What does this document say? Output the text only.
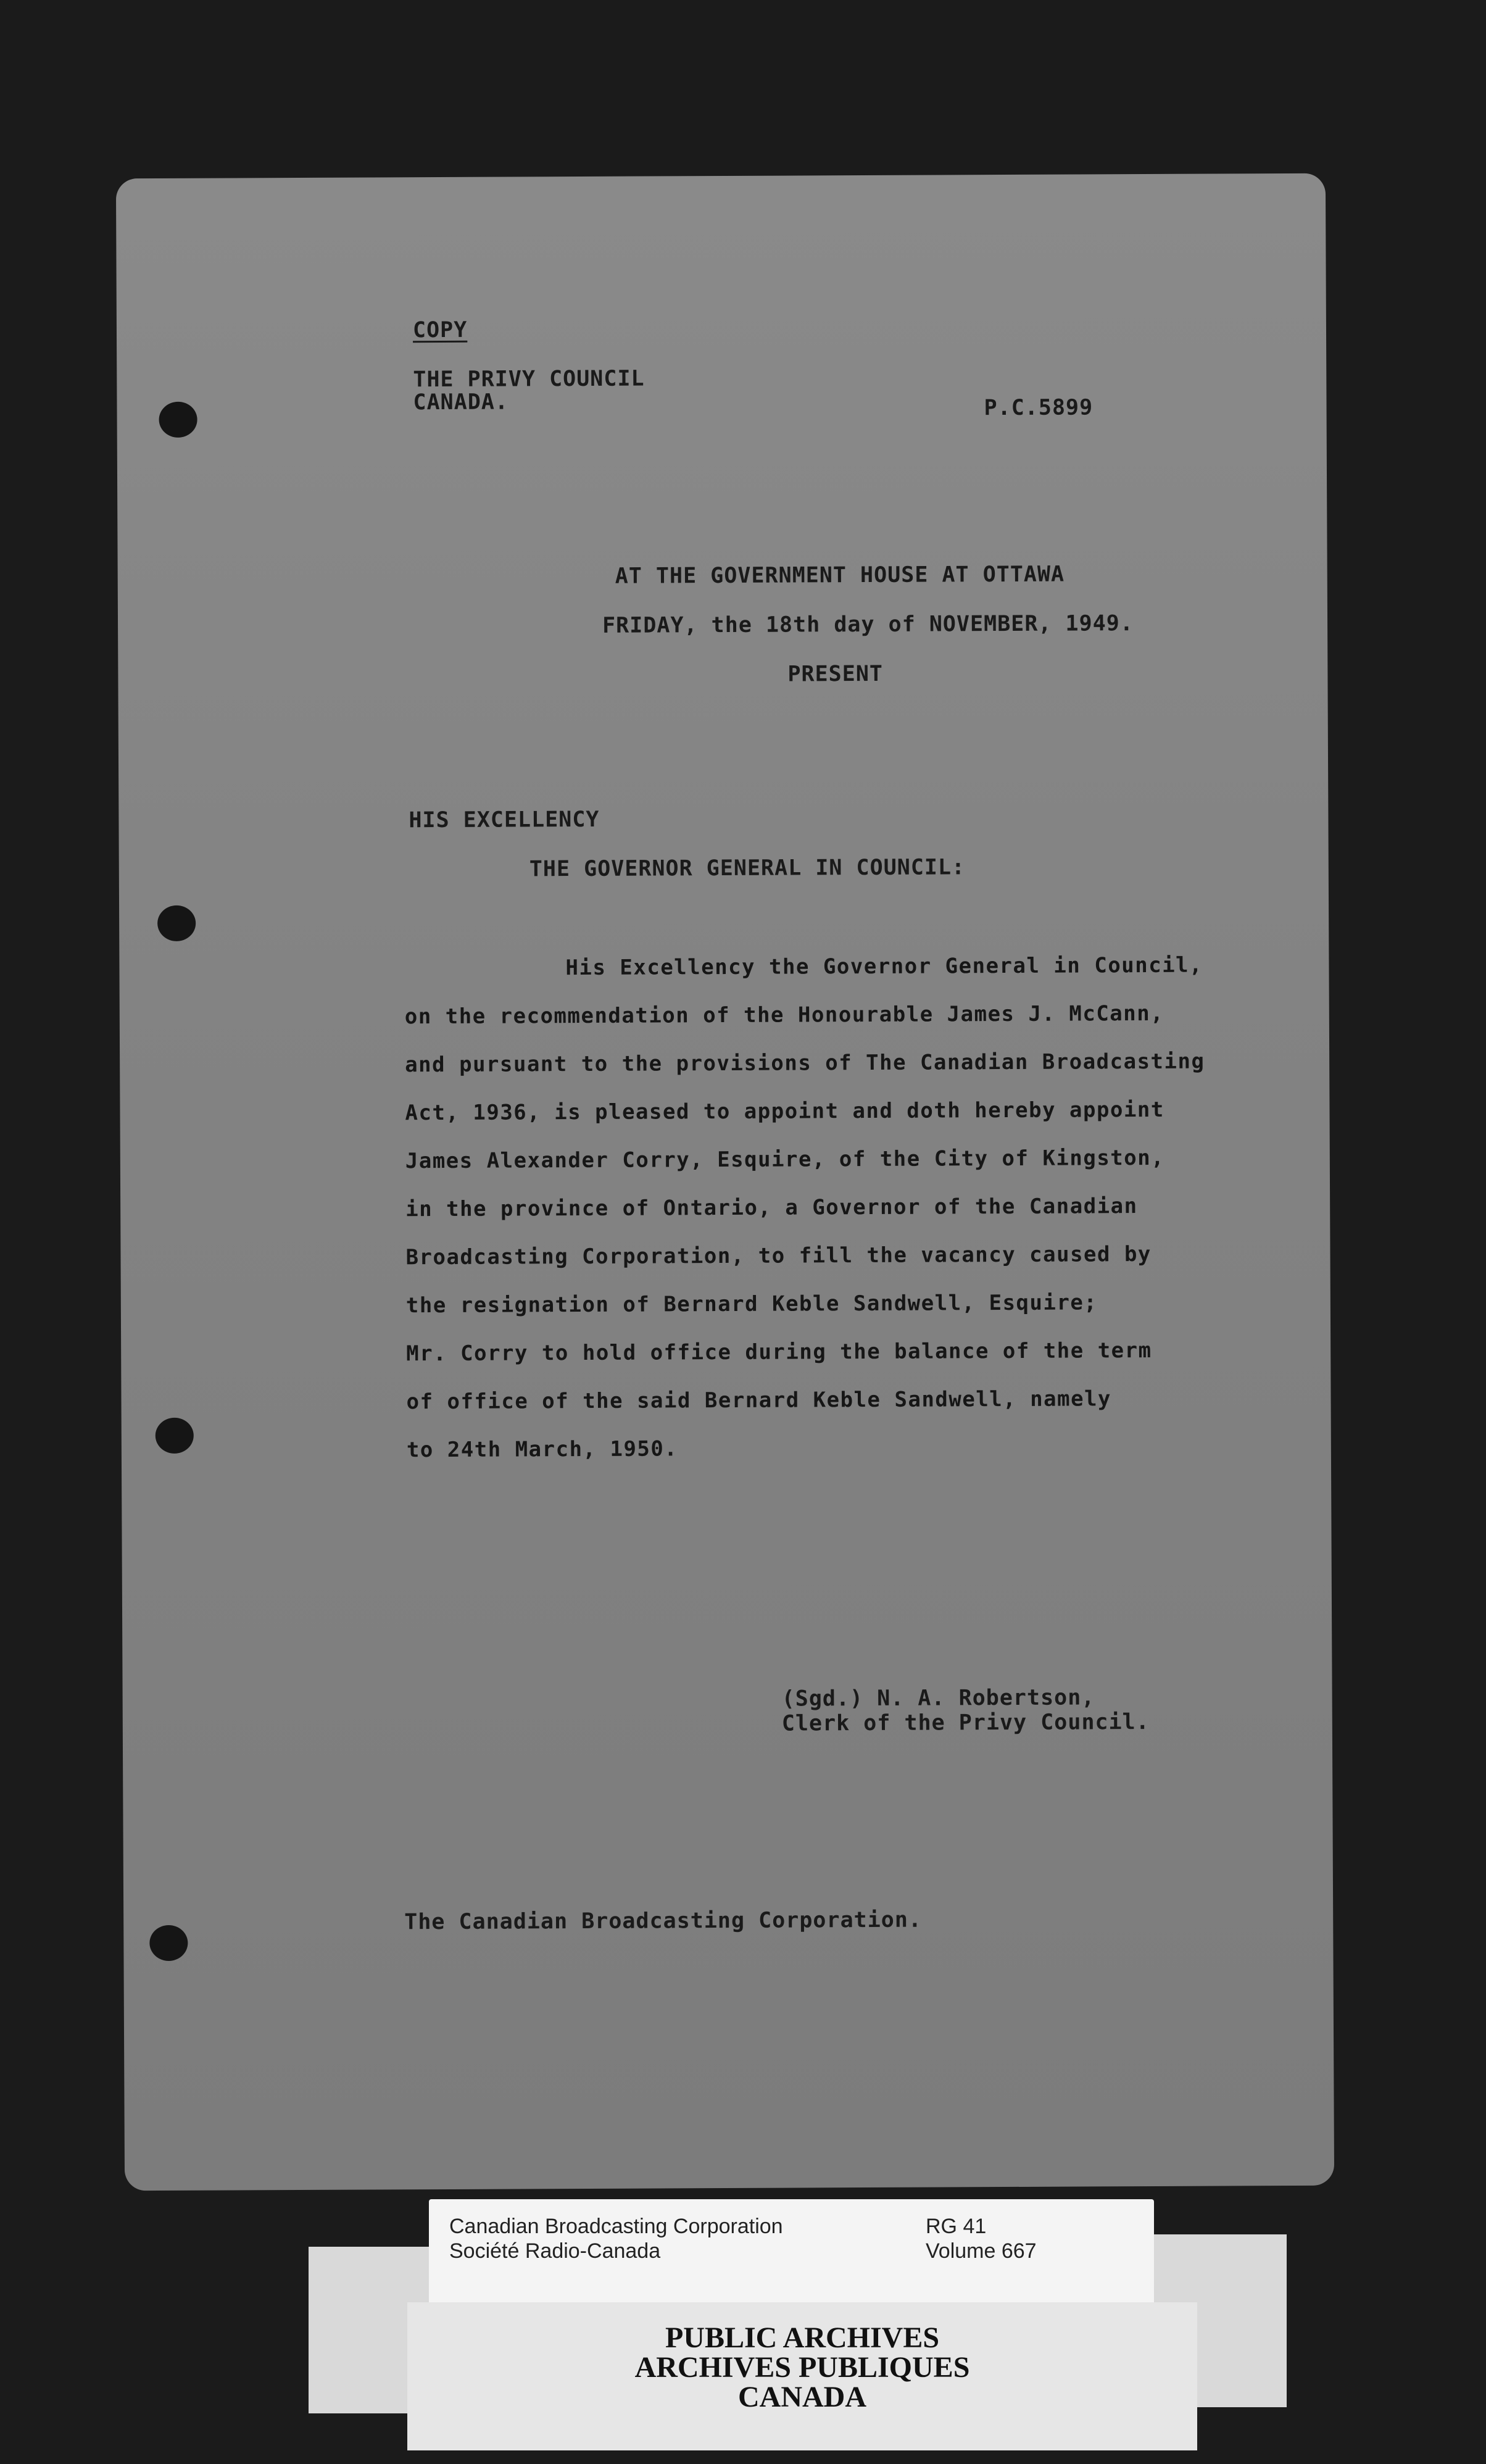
COPY
THE PRIVY COUNCIL
CANADA.	P.C.5899
AT THE GOVERNMENT HOUSE AT OTTAWA
FRIDAY, the 18th day of NOVEMBER, 1949.
PRESENT
HIS EXCELLENCY
THE GOVERNOR GENERAL IN COUNCIL:
His Excellency the Governor General in Council,
on the recommendation of the Honourable James J. McCann,
and pursuant to the provisions of The Canadian Broadcasting
Act, 1936, is pleased to appoint and doth hereby appoint
James Alexander Corry, Esquire, of the City of Kingston,
in the province of Ontario, a Governor of the Canadian
Broadcasting Corporation, to fill the vacancy caused by
the resignation of Bernard Keble Sandwell, Esquire;
Mr. Corry to hold office during the balance of the term
of office of the said Bernard Keble Sandwell, namely
to 24th March, 1950.
(Sgd.) N. A. Robertson,
Clerk of the Privy Council.
The Canadian Broadcasting Corporation.
Canadian Broadcasting Corporation
Société Radio-Canada
RG 41
Volume 667
PUBLIC ARCHIVES
ARCHIVES PUBLIQUES
CANADA
